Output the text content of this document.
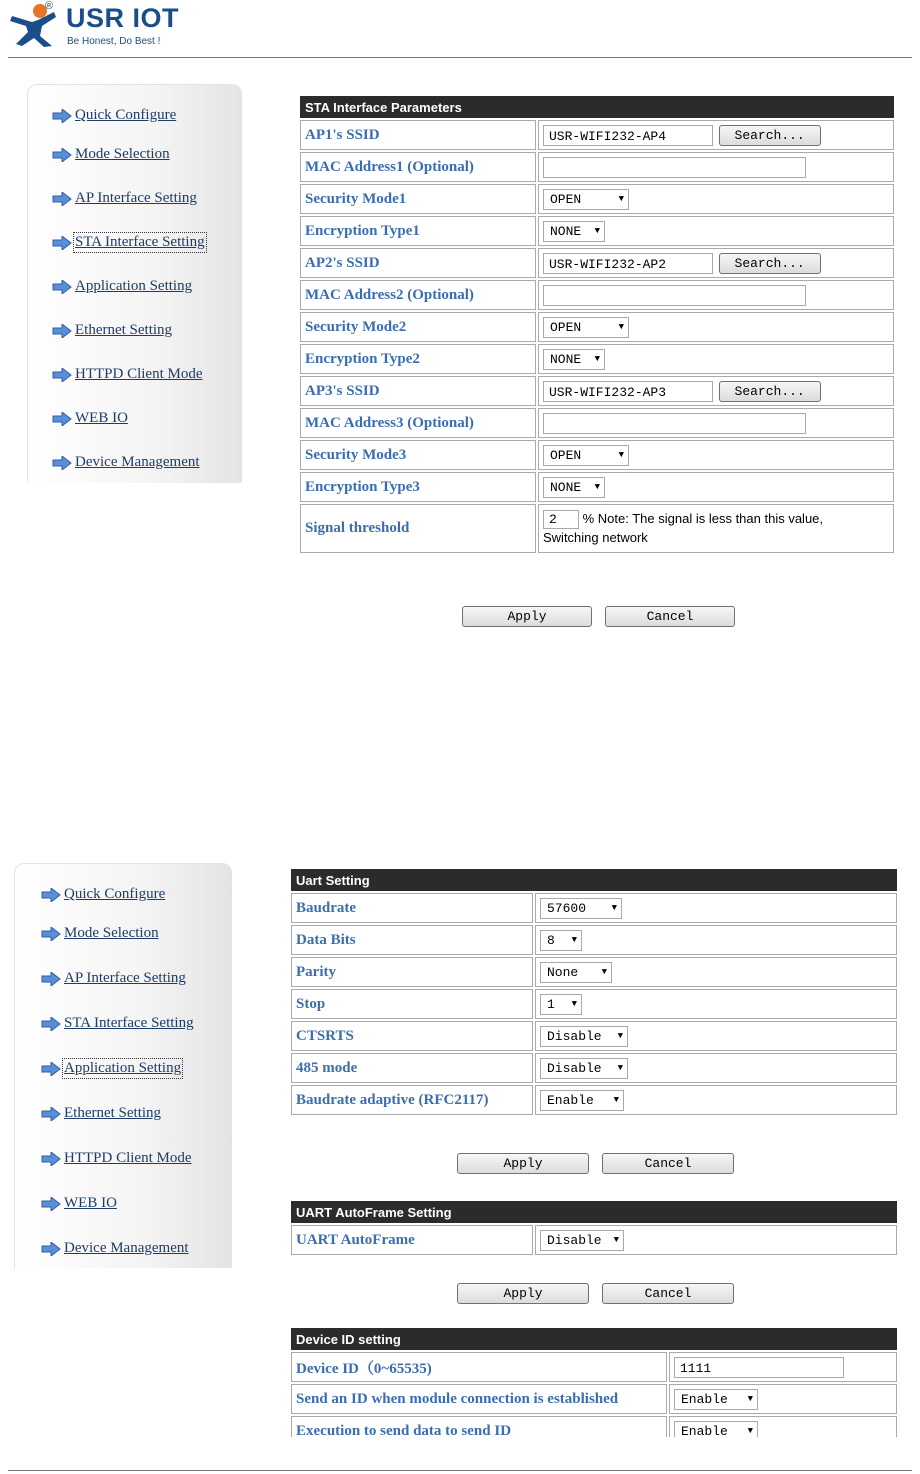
® USR IOT
Be Honest, Do Best !
Quick Configure
Mode Selection
AP Interface Setting
STA Interface Setting
Application Setting
Ethernet Setting
HTTPD Client Mode
WEB IO
Device Management
STA Interface Parameters	
AP1's SSID	USR-WIFI232-AP4 Search...
MAC Address1 (Optional)	
Security Mode1	OPEN ▼

Encryption Type1	NONE ▼

AP2's SSID	USR-WIFI232-AP2 Search...
MAC Address2 (Optional)	
Security Mode2	OPEN ▼

Encryption Type2	NONE ▼

AP3's SSID	USR-WIFI232-AP3 Search...
MAC Address3 (Optional)	
Security Mode3	OPEN ▼

Encryption Type3	NONE ▼

Signal threshold	2 % Note: The signal is less than this value,
Switching network
Apply	Cancel
Quick Configure
Mode Selection
AP Interface Setting
STA Interface Setting
Application Setting
Ethernet Setting
HTTPD Client Mode
WEB IO
Device Management
Uart Setting	
Baudrate	57600 ▼

Data Bits	8 ▼

Parity	None ▼

Stop	1 ▼

CTSRTS	Disable ▼

485 mode	Disable ▼

Baudrate adaptive (RFC2117)	Enable ▼
Apply	Cancel
UART AutoFrame Setting
UART AutoFrame	Disable ▼
Apply	Cancel
Device ID setting	
Device ID（0~65535)	1111
Send an ID when module connection is established	Enable ▼

Execution to send data to send ID	Enable ▼
